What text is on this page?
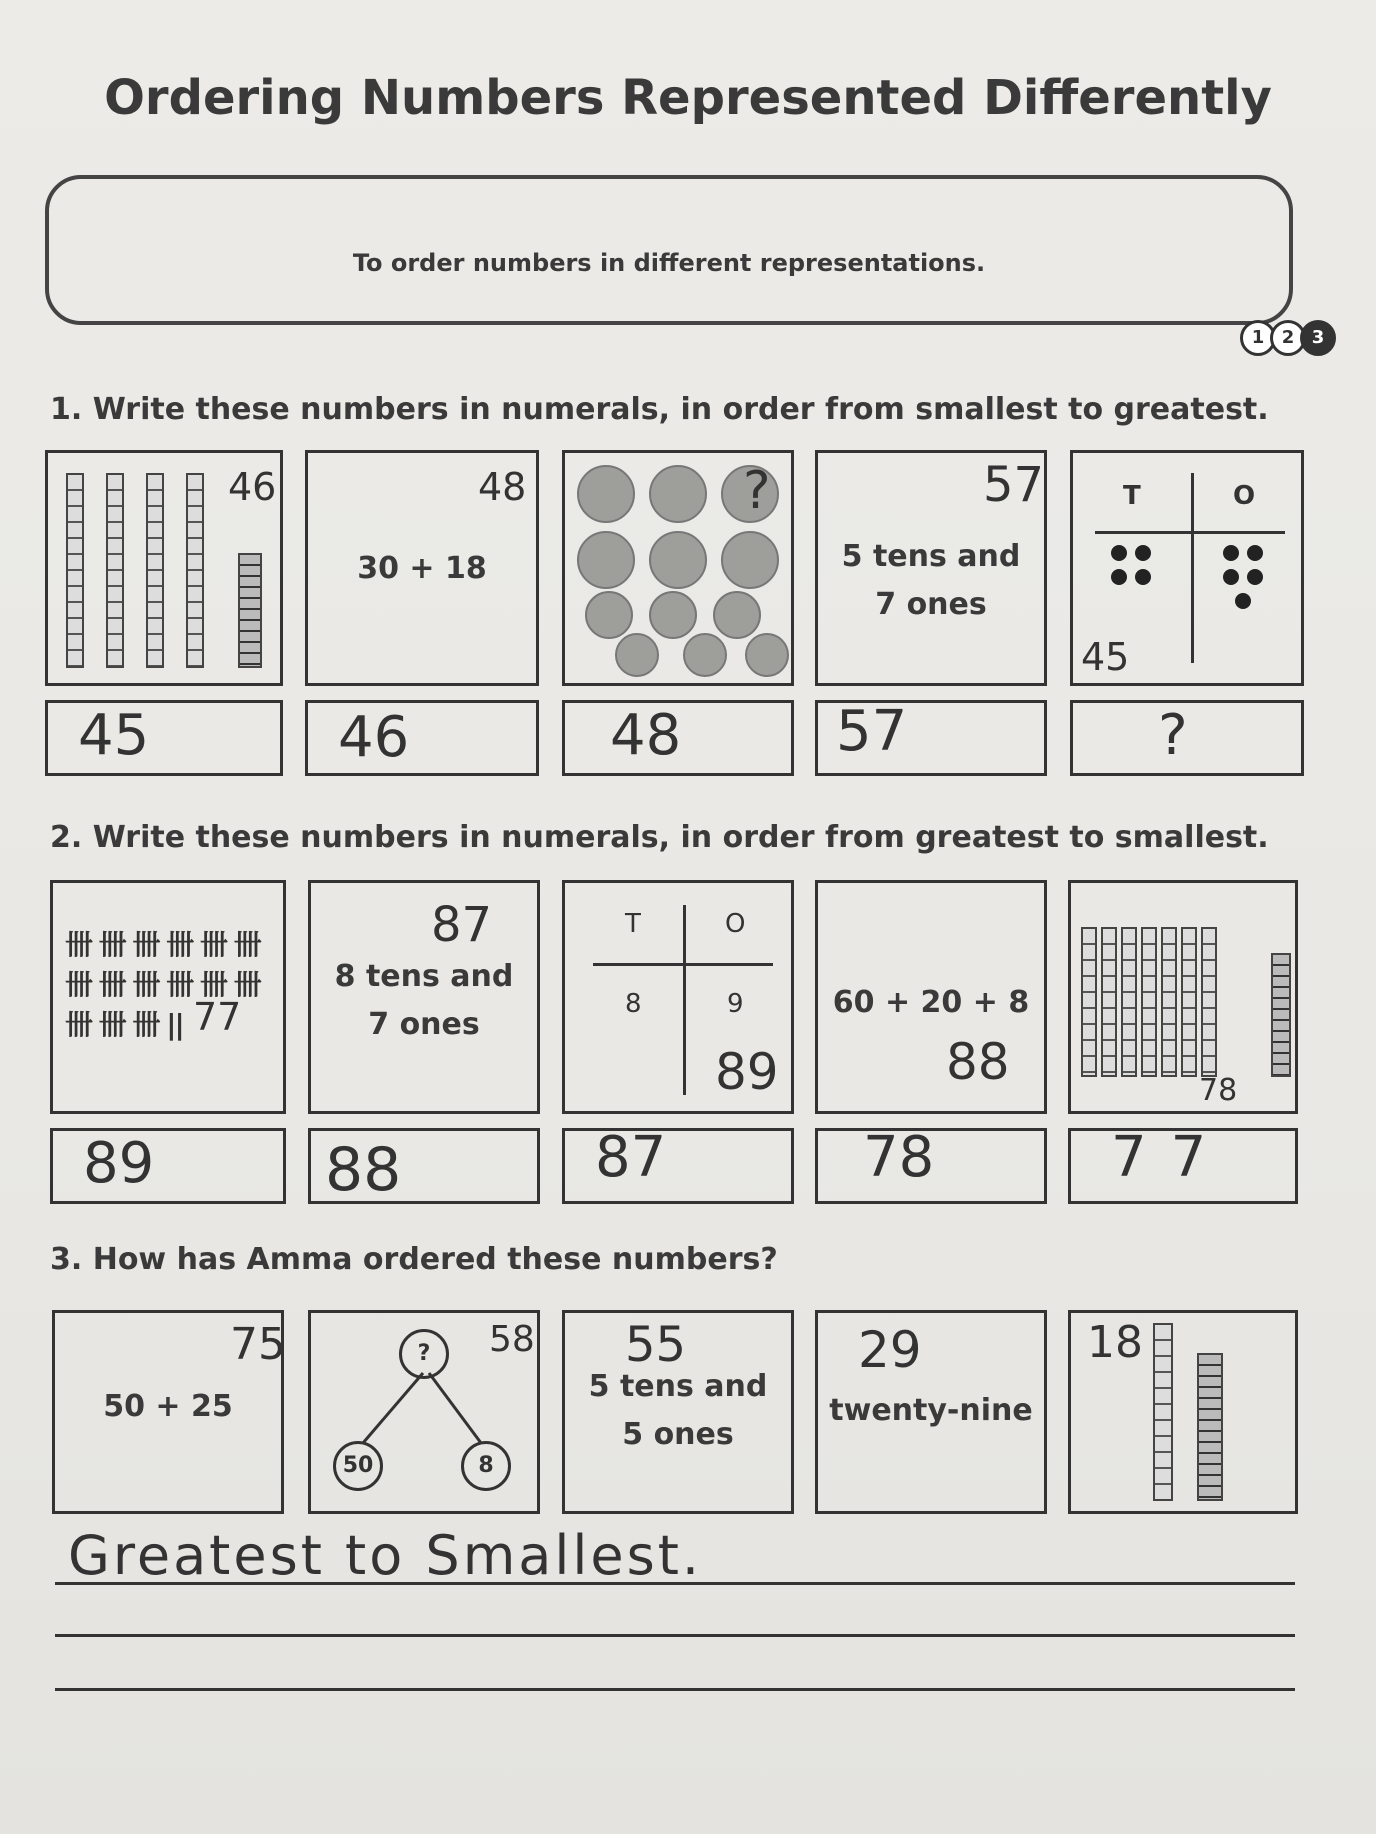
Ordering Numbers Represented Differently
To order numbers in different representations.
1 2 3
1. Write these numbers in numerals, in order from smallest to greatest.
46
30 + 18
48	?
5 tens and
7 ones
57	T	O
45
45	46	48	57	?
2. Write these numbers in numerals, in order from greatest to smallest.
卌 卌 卌 卌 卌 卌
卌 卌 卌 卌 卌 卌
卌 卌 卌 || 77
87
8 tens and
7 ones
T	O
8	9
89
60 + 20 + 8
88	78
89	88	87	78	77
3. How has Amma ordered these numbers?
50 + 25
75	?
50	8
58 55
5 tens and
5 ones
29
twenty-nine
18
Greatest to Smallest.
